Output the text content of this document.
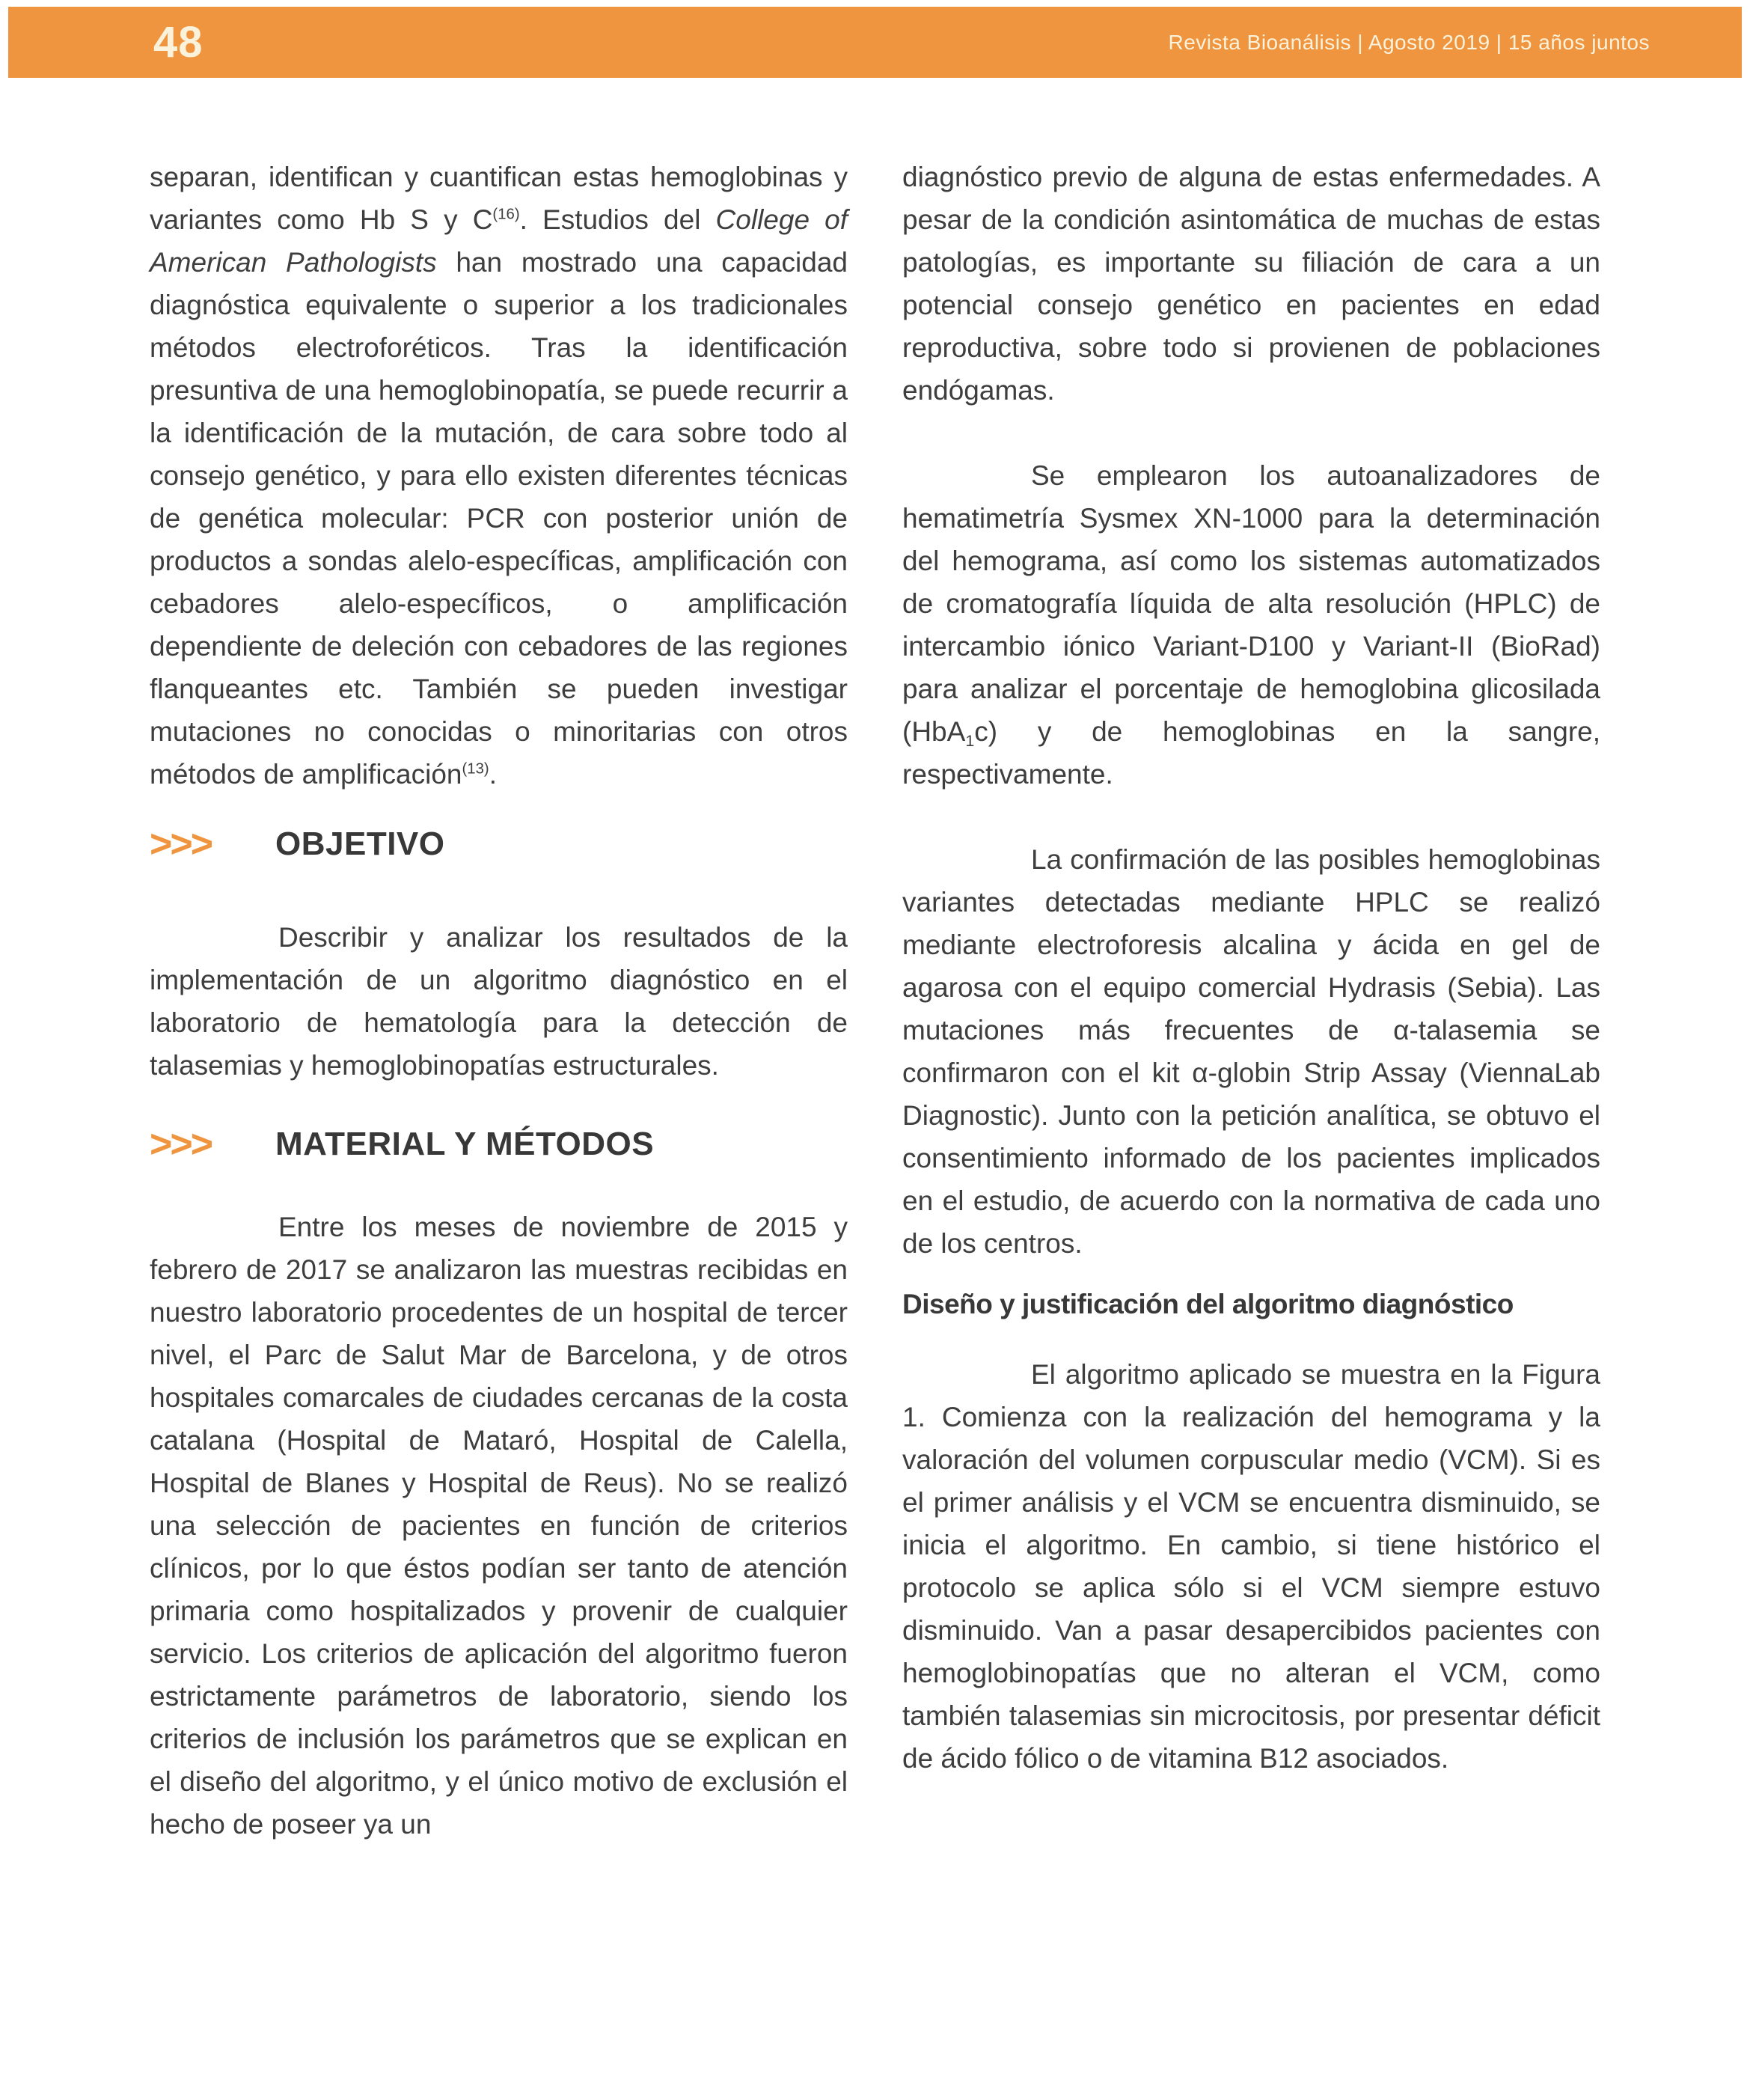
48	Revista Bioanálisis | Agosto 2019 | 15 años juntos

separan, identifican y cuantifican estas hemoglobinas y variantes como Hb S y $C^{(16)}$. Estudios del College of American Pathologists han mostrado una capacidad diagnóstica equivalente o superior a los tradicionales métodos electroforéticos. Tras la identificación presuntiva de una hemoglobinopatía, se puede recurrir a la identificación de la mutación, de cara sobre todo al consejo genético, y para ello existen diferentes técnicas de genética molecular: PCR con posterior unión de productos a sondas alelo-específicas, amplificación con cebadores alelo-específicos, o amplificación dependiente de deleción con cebadores de las regiones flanqueantes etc. También se pueden investigar mutaciones no conocidas o minoritarias con otros métodos de amplificación$^{(13)}$.

>>>	OBJETIVO

Describir y analizar los resultados de la implementación de un algoritmo diagnóstico en el laboratorio de hematología para la detección de talasemias y hemoglobinopatías estructurales.

>>>	MATERIAL Y MÉTODOS

Entre los meses de noviembre de 2015 y febrero de 2017 se analizaron las muestras recibidas en nuestro laboratorio procedentes de un hospital de tercer nivel, el Parc de Salut Mar de Barcelona, y de otros hospitales comarcales de ciudades cercanas de la costa catalana (Hospital de Mataró, Hospital de Calella, Hospital de Blanes y Hospital de Reus). No se realizó una selección de pacientes en función de criterios clínicos, por lo que éstos podían ser tanto de atención primaria como hospitalizados y provenir de cualquier servicio. Los criterios de aplicación del algoritmo fueron estrictamente parámetros de laboratorio, siendo los criterios de inclusión los parámetros que se explican en el diseño del algoritmo, y el único motivo de exclusión el hecho de poseer ya un

diagnóstico previo de alguna de estas enfermedades. A pesar de la condición asintomática de muchas de estas patologías, es importante su filiación de cara a un potencial consejo genético en pacientes en edad reproductiva, sobre todo si provienen de poblaciones endógamas.

Se emplearon los autoanalizadores de hematimetría Sysmex XN-1000 para la determinación del hemograma, así como los sistemas automatizados de cromatografía líquida de alta resolución (HPLC) de intercambio iónico Variant-D100 y Variant-II (BioRad) para analizar el porcentaje de hemoglobina glicosilada (HbA$_1$c) y de hemoglobinas en la sangre, respectivamente.

La confirmación de las posibles hemoglobinas variantes detectadas mediante HPLC se realizó mediante electroforesis alcalina y ácida en gel de agarosa con el equipo comercial Hydrasis (Sebia). Las mutaciones más frecuentes de α-talasemia se confirmaron con el kit α-globin Strip Assay (ViennaLab Diagnostic). Junto con la petición analítica, se obtuvo el consentimiento informado de los pacientes implicados en el estudio, de acuerdo con la normativa de cada uno de los centros.

Diseño y justificación del algoritmo diagnóstico

El algoritmo aplicado se muestra en la Figura 1. Comienza con la realización del hemograma y la valoración del volumen corpuscular medio (VCM). Si es el primer análisis y el VCM se encuentra disminuido, se inicia el algoritmo. En cambio, si tiene histórico el protocolo se aplica sólo si el VCM siempre estuvo disminuido. Van a pasar desapercibidos pacientes con hemoglobinopatías que no alteran el VCM, como también talasemias sin microcitosis, por presentar déficit de ácido fólico o de vitamina B12 asociados.
